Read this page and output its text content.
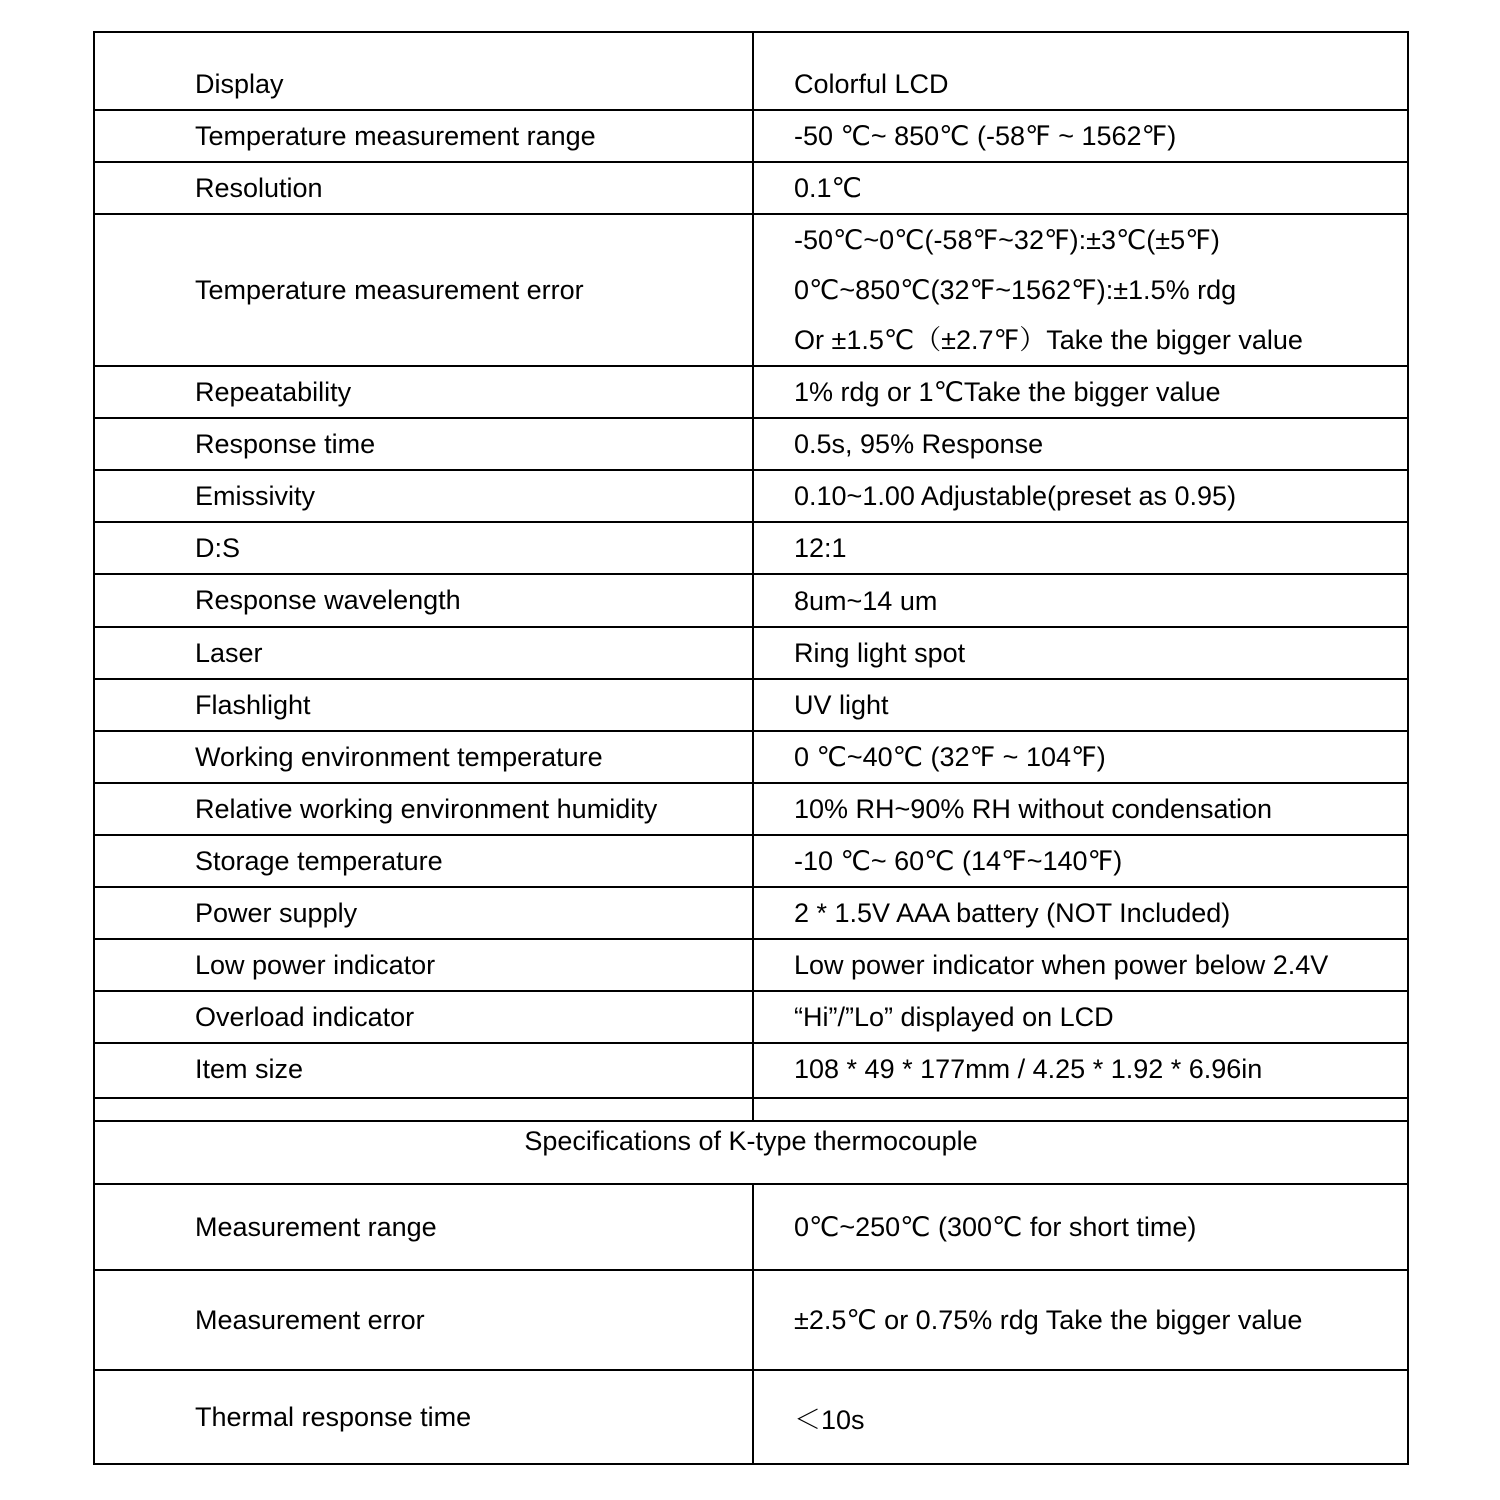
Display	Colorful LCD

Temperature measurement range	-50 ℃~ 850℃ (-58℉ ~ 1562℉)

Resolution	0.1℃

Temperature measurement error	-50℃~0℃(-58℉~32℉):±3℃(±5℉)
0℃~850℃(32℉~1562℉):±1.5% rdg
Or ±1.5℃（±2.7℉）Take the bigger value

Repeatability	1% rdg or 1℃Take the bigger value

Response time	0.5s, 95% Response

Emissivity	0.10~1.00 Adjustable(preset as 0.95)

D:S	12:1

Response wavelength	8um~14 um

Laser	Ring light spot

Flashlight	UV light

Working environment temperature	0 ℃~40℃ (32℉ ~ 104℉)

Relative working environment humidity	10% RH~90% RH without condensation

Storage temperature	-10 ℃~ 60℃ (14℉~140℉)

Power supply	2 * 1.5V AAA battery (NOT Included)

Low power indicator	Low power indicator when power below 2.4V

Overload indicator	“Hi”/”Lo” displayed on LCD

Item size	108 * 49 * 177mm / 4.25 * 1.92 * 6.96in
Specifications of K-type thermocouple	
Measurement range	0℃~250℃ (300℃ for short time)
Measurement error	±2.5℃ or 0.75% rdg Take the bigger value
Thermal response time	＜10s
